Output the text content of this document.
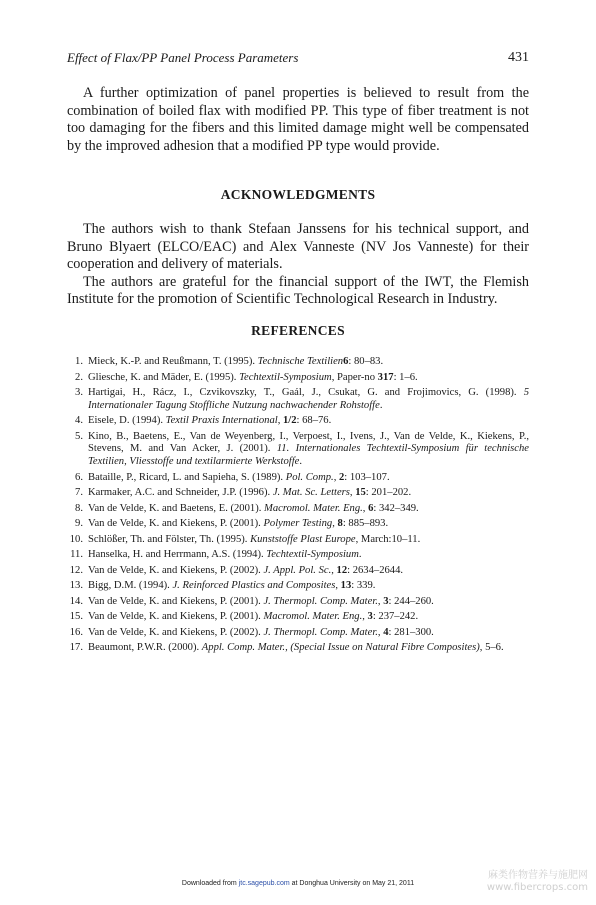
Effect of Flax/PP Panel Process Parameters	431

A further optimization of panel properties is believed to result from the combination of boiled flax with modified PP. This type of fiber treatment is not too damaging for the fibers and this limited damage might well be compensated by the improved adhesion that a modified PP type would provide.

ACKNOWLEDGMENTS

The authors wish to thank Stefaan Janssens for his technical support, and Bruno Blyaert (ELCO/EAC) and Alex Vanneste (NV Jos Vanneste) for their cooperation and delivery of materials.

The authors are grateful for the financial support of the IWT, the Flemish Institute for the promotion of Scientific Technological Research in Industry.

REFERENCES
1. Mieck, K.-P. and Reußmann, T. (1995). Technische Textilien6: 80–83.
2. Gliesche, K. and Mäder, E. (1995). Techtextil-Symposium, Paper-no 317: 1–6.
3. Hartigai, H., Rácz, I., Czvikovszky, T., Gaál, J., Csukat, G. and Frojimovics, G. (1998). 5 Internationaler Tagung Stoffliche Nutzung nachwachender Rohstoffe.
4. Eisele, D. (1994). Textil Praxis International, 1/2: 68–76.
5. Kino, B., Baetens, E., Van de Weyenberg, I., Verpoest, I., Ivens, J., Van de Velde, K., Kiekens, P., Stevens, M. and Van Acker, J. (2001). 11. Internationales Techtextil-Symposium für technische Textilien, Vliesstoffe und textilarmierte Werkstoffe.
6. Bataille, P., Ricard, L. and Sapieha, S. (1989). Pol. Comp., 2: 103–107.
7. Karmaker, A.C. and Schneider, J.P. (1996). J. Mat. Sc. Letters, 15: 201–202.
8. Van de Velde, K. and Baetens, E. (2001). Macromol. Mater. Eng., 6: 342–349.
9. Van de Velde, K. and Kiekens, P. (2001). Polymer Testing, 8: 885–893.
10. Schlößer, Th. and Fölster, Th. (1995). Kunststoffe Plast Europe, March:10–11.
11. Hanselka, H. and Herrmann, A.S. (1994). Techtextil-Symposium.
12. Van de Velde, K. and Kiekens, P. (2002). J. Appl. Pol. Sc., 12: 2634–2644.
13. Bigg, D.M. (1994). J. Reinforced Plastics and Composites, 13: 339.
14. Van de Velde, K. and Kiekens, P. (2001). J. Thermopl. Comp. Mater., 3: 244–260.
15. Van de Velde, K. and Kiekens, P. (2001). Macromol. Mater. Eng., 3: 237–242.
16. Van de Velde, K. and Kiekens, P. (2002). J. Thermopl. Comp. Mater., 4: 281–300.
17. Beaumont, P.W.R. (2000). Appl. Comp. Mater., (Special Issue on Natural Fibre Composites), 5–6.
Downloaded from jtc.sagepub.com at Donghua University on May 21, 2011
麻类作物营养与施肥网
www.fibercrops.com
